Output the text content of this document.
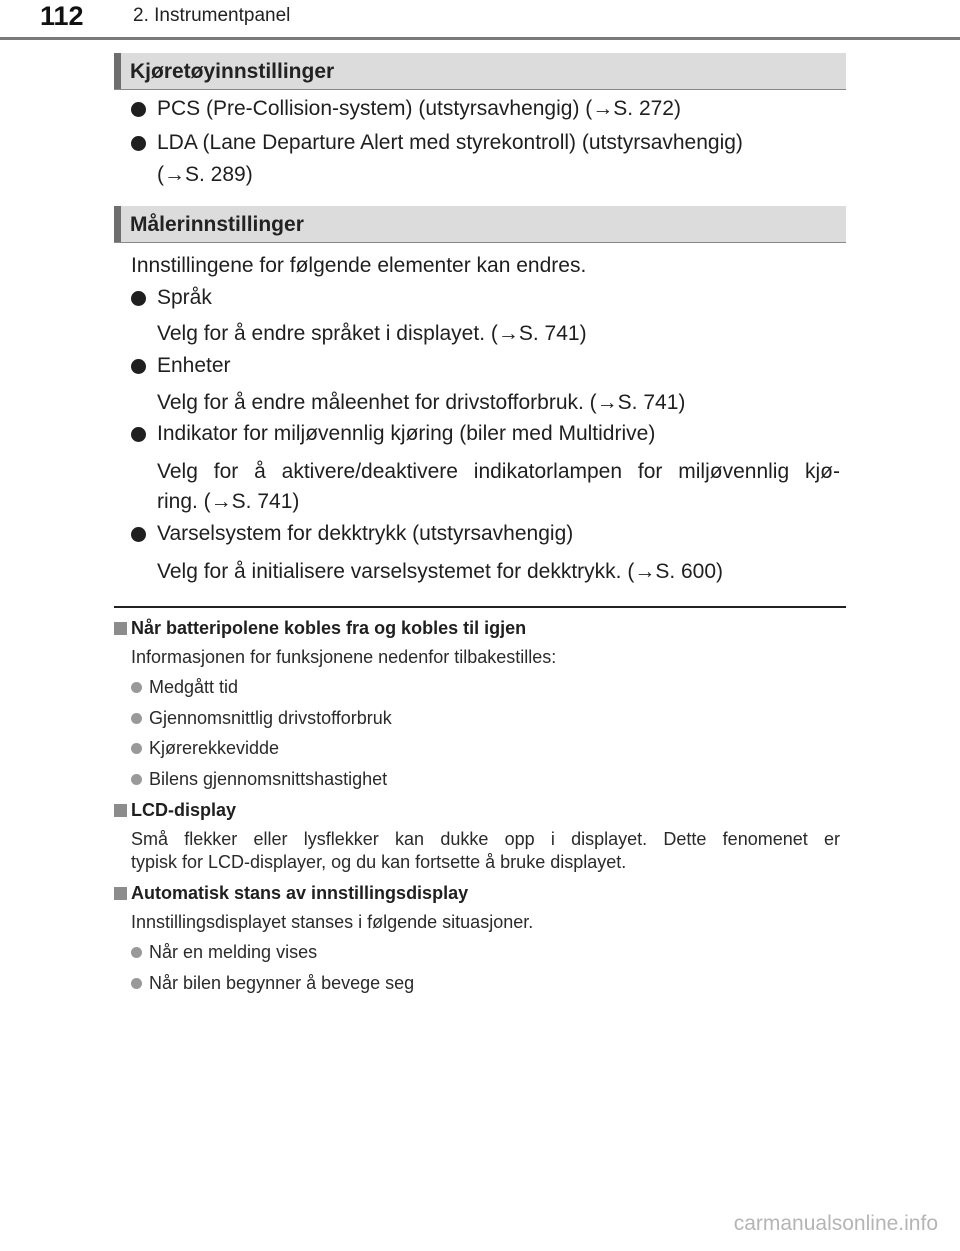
112	2. Instrumentpanel
Kjøretøyinnstillinger
PCS (Pre-Collision-system) (utstyrsavhengig) (→S. 272)
LDA (Lane Departure Alert med styrekontroll) (utstyrsavhengig)
(→S. 289)
Målerinnstillinger
Innstillingene for følgende elementer kan endres.
Språk
Velg for å endre språket i displayet. (→S. 741)
Enheter
Velg for å endre måleenhet for drivstofforbruk. (→S. 741)
Indikator for miljøvennlig kjøring (biler med Multidrive)
Velg for å aktivere/deaktivere indikatorlampen for miljøvennlig kjø-
ring. (→S. 741)
Varselsystem for dekktrykk (utstyrsavhengig)
Velg for å initialisere varselsystemet for dekktrykk. (→S. 600)
Når batteripolene kobles fra og kobles til igjen
Informasjonen for funksjonene nedenfor tilbakestilles:
Medgått tid
Gjennomsnittlig drivstofforbruk
Kjørerekkevidde
Bilens gjennomsnittshastighet
LCD-display
Små flekker eller lysflekker kan dukke opp i displayet. Dette fenomenet er
typisk for LCD-displayer, og du kan fortsette å bruke displayet.
Automatisk stans av innstillingsdisplay
Innstillingsdisplayet stanses i følgende situasjoner.
Når en melding vises
Når bilen begynner å bevege seg
carmanualsonline.info
